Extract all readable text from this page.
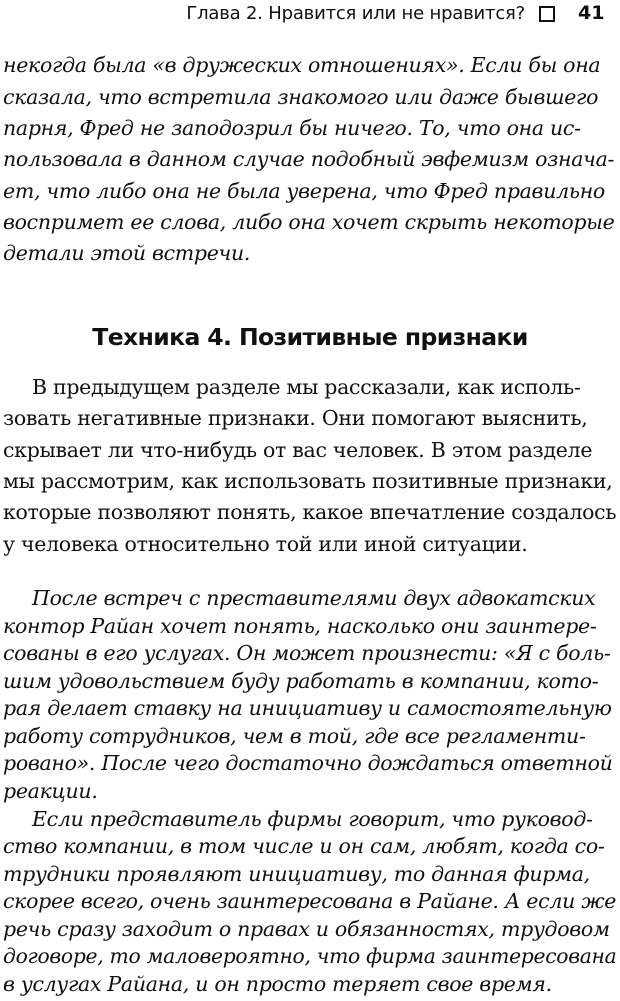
Глава 2. Нравится или не нравится?	41
некогда была «в дружеских отношениях». Если бы она
сказала, что встретила знакомого или даже бывшего
парня, Фред не заподозрил бы ничего. То, что она ис-
пользовала в данном случае подобный эвфемизм означа-
ет, что либо она не была уверена, что Фред правильно
воспримет ее слова, либо она хочет скрыть некоторые
детали этой встречи.
Техника 4. Позитивные признаки
В предыдущем разделе мы рассказали, как исполь-
зовать негативные признаки. Они помогают выяснить,
скрывает ли что-нибудь от вас человек. В этом разделе
мы рассмотрим, как использовать позитивные признаки,
которые позволяют понять, какое впечатление создалось
у человека относительно той или иной ситуации.
После встреч с преставителями двух адвокатских
контор Райан хочет понять, насколько они заинтере-
сованы в его услугах. Он может произнести: «Я с боль-
шим удовольствием буду работать в компании, кото-
рая делает ставку на инициативу и самостоятельную
работу сотрудников, чем в той, где все регламенти-
ровано». После чего достаточно дождаться ответной
реакции.
Если представитель фирмы говорит, что руковод-
ство компании, в том числе и он сам, любят, когда со-
трудники проявляют инициативу, то данная фирма,
скорее всего, очень заинтересована в Райане. А если же
речь сразу заходит о правах и обязанностях, трудовом
договоре, то маловероятно, что фирма заинтересована
в услугах Райана, и он просто теряет свое время.
